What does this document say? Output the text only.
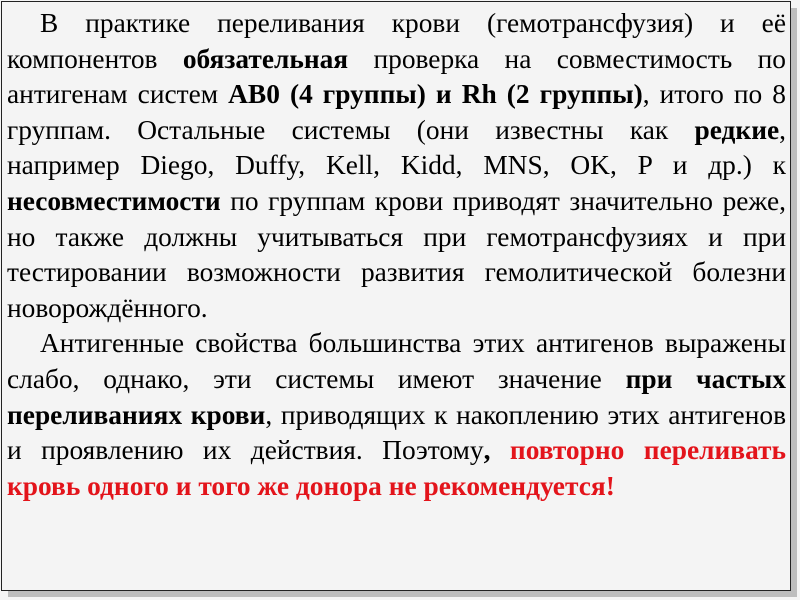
В практике переливания крови (гемотрансфузия) и её компонентов обязательная проверка на совместимость по антигенам систем АВ0 (4 группы) и Rh (2 группы), итого по 8 группам. Остальные системы (они известны как редкие, например Diego, Duffy, Kell, Kidd, MNS, OK, P и др.) к несовместимости по группам крови приводят значительно реже, но также должны учитываться при гемотрансфузиях и при тестировании возможности развития гемолитической болезни новорождённого.

Антигенные свойства большинства этих антигенов выражены слабо, однако, эти системы имеют значение при частых переливаниях крови, приводящих к накоплению этих антигенов и проявлению их действия. Поэтому, повторно переливать кровь одного и того же донора не рекомендуется!
